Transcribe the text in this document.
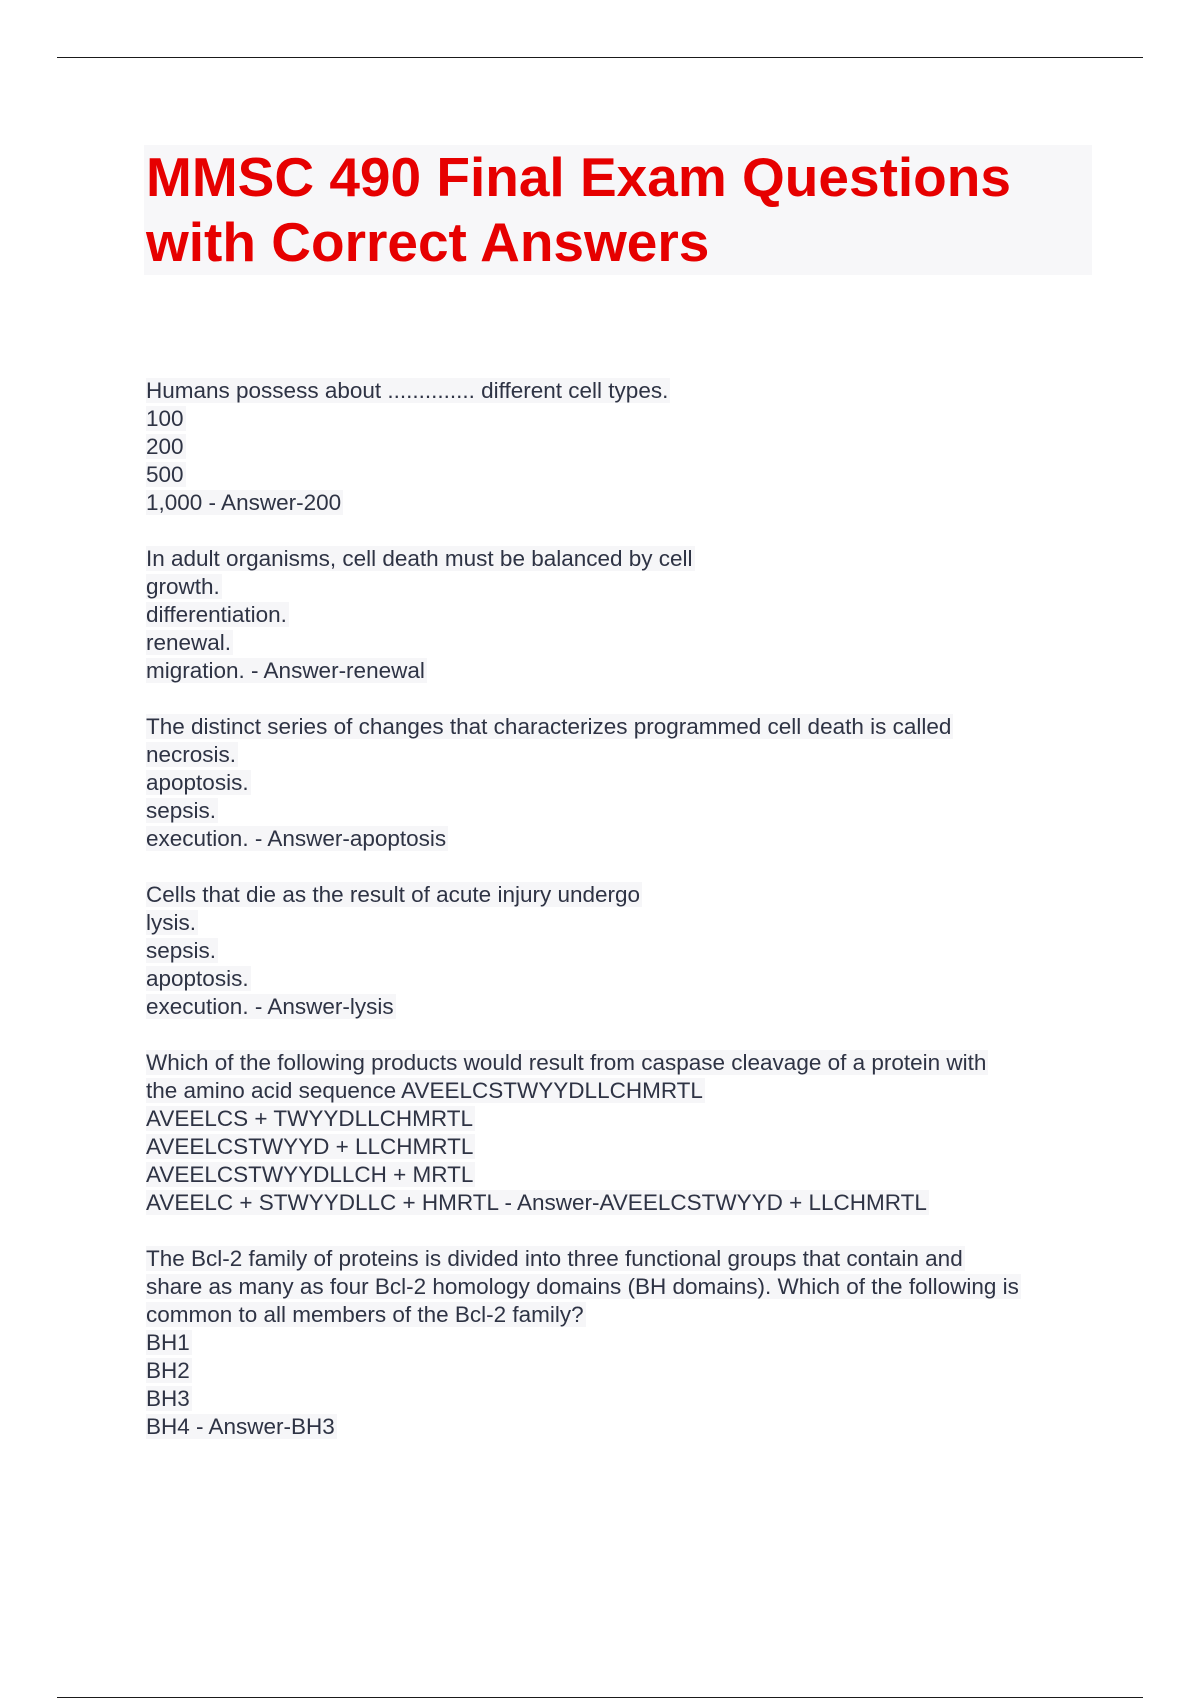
MMSC 490 Final Exam Questions
with Correct Answers
Humans possess about .............. different cell types.
100
200
500
1,000 - Answer-200
In adult organisms, cell death must be balanced by cell
growth.
differentiation.
renewal.
migration. - Answer-renewal
The distinct series of changes that characterizes programmed cell death is called
necrosis.
apoptosis.
sepsis.
execution. - Answer-apoptosis
Cells that die as the result of acute injury undergo
lysis.
sepsis.
apoptosis.
execution. - Answer-lysis
Which of the following products would result from caspase cleavage of a protein with
the amino acid sequence AVEELCSTWYYDLLCHMRTL
AVEELCS + TWYYDLLCHMRTL
AVEELCSTWYYD + LLCHMRTL
AVEELCSTWYYDLLCH + MRTL
AVEELC + STWYYDLLC + HMRTL - Answer-AVEELCSTWYYD + LLCHMRTL
The Bcl-2 family of proteins is divided into three functional groups that contain and
share as many as four Bcl-2 homology domains (BH domains). Which of the following is
common to all members of the Bcl-2 family?
BH1
BH2
BH3
BH4 - Answer-BH3
